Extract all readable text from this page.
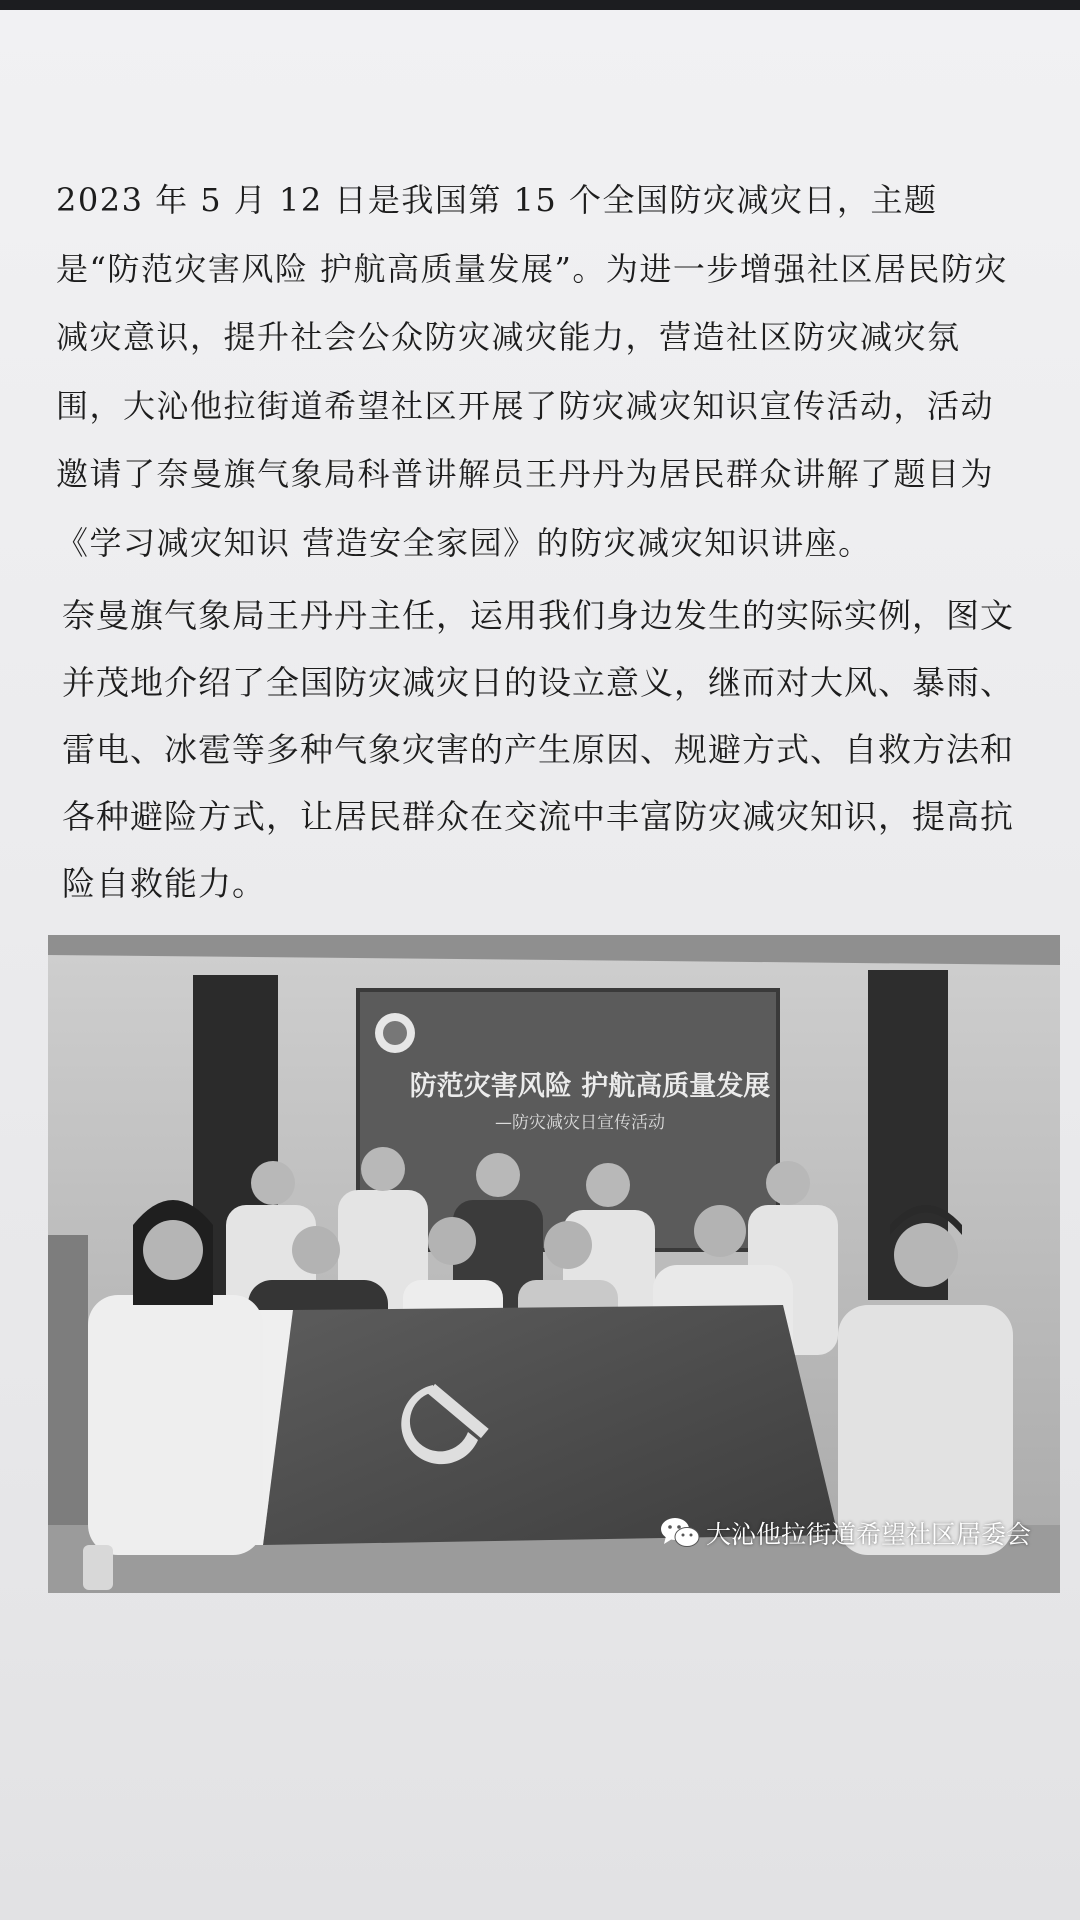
2023 年 5 月 12 日是我国第 15 个全国防灾减灾日，主题是“防范灾害风险 护航高质量发展”。为进一步增强社区居民防灾减灾意识，提升社会公众防灾减灾能力，营造社区防灾减灾氛围，大沁他拉街道希望社区开展了防灾减灾知识宣传活动，活动邀请了奈曼旗气象局科普讲解员王丹丹为居民群众讲解了题目为《学习减灾知识 营造安全家园》的防灾减灾知识讲座。

奈曼旗气象局王丹丹主任，运用我们身边发生的实际实例，图文并茂地介绍了全国防灾减灾日的设立意义，继而对大风、暴雨、雷电、冰雹等多种气象灾害的产生原因、规避方式、自救方法和各种避险方式，让居民群众在交流中丰富防灾减灾知识，提高抗险自救能力。

防范灾害风险 护航高质量发展
—防灾减灾日宣传活动
大沁他拉街道希望社区居委会
